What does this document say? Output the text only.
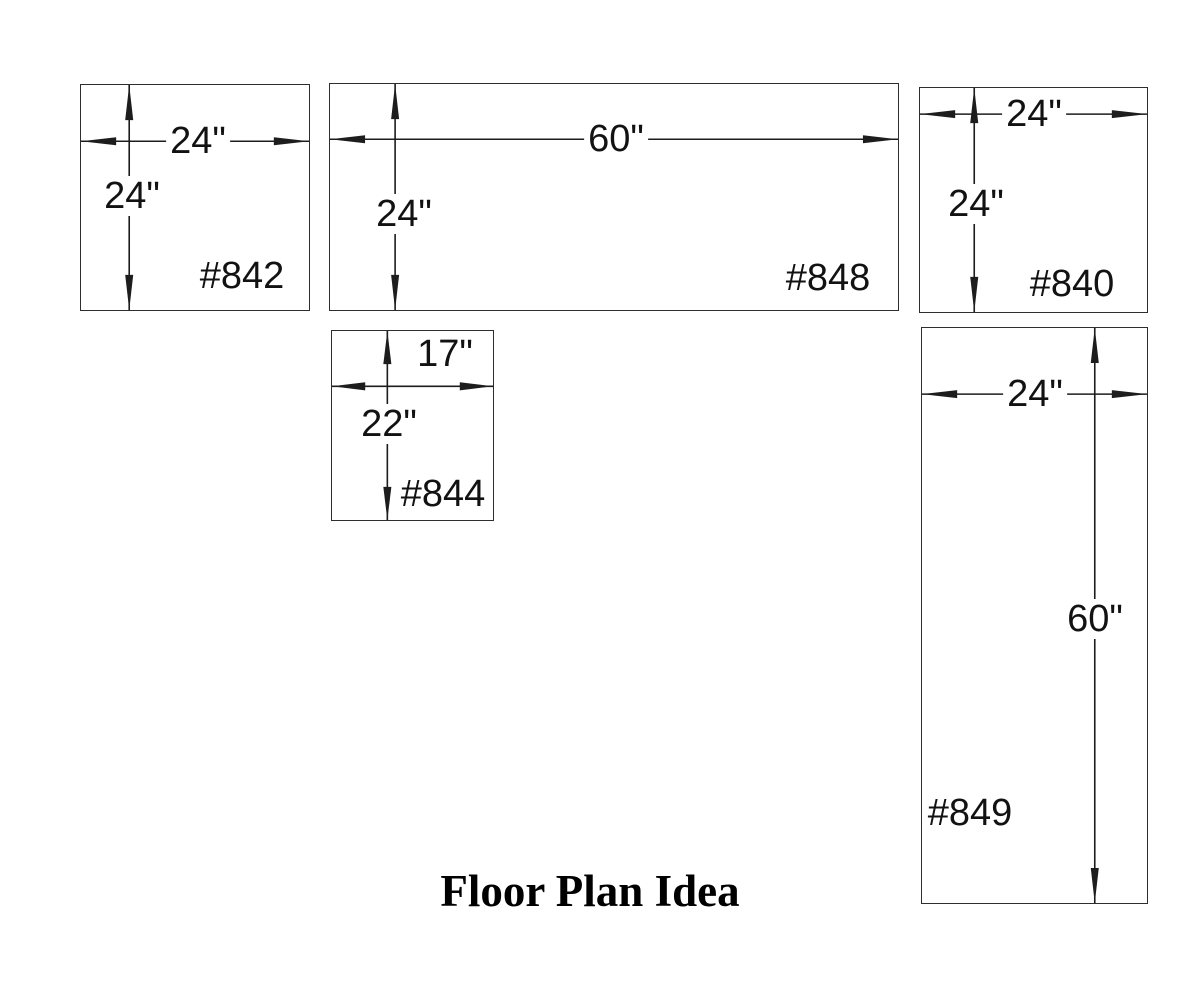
24"
24"
#842
60"
24"
#848
24"
24"
#840
17"
22"
#844
24"
60"
#849
Floor Plan Idea
